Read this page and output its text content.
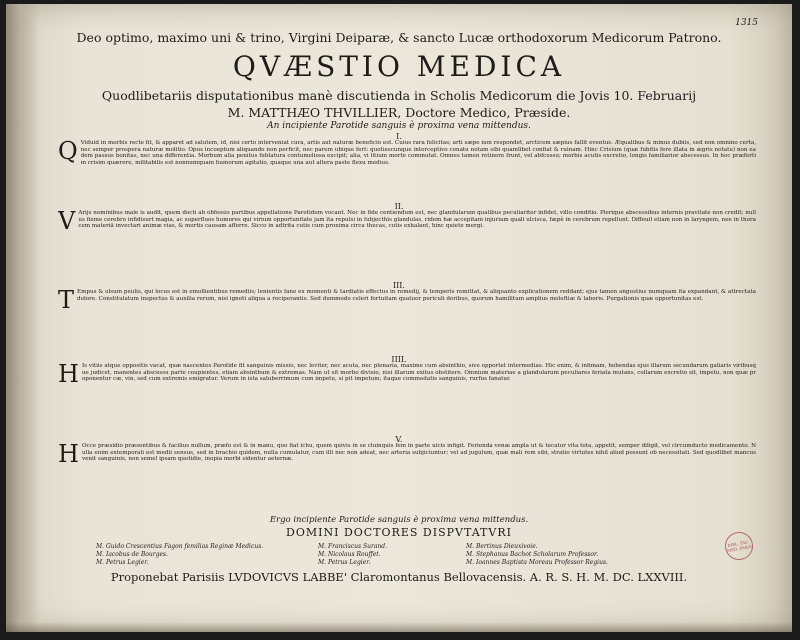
1315
Deo optimo, maximo uni & trino, Virgini Deiparæ, & sancto Lucæ orthodoxorum Medicorum Patrono.
QVÆSTIO MEDICA
Quodlibetariis disputationibus manè discutienda in Scholis Medicorum die Jovis 10. Februarij
M. MATTHÆO THVILLIER, Doctore Medico, Præside.
An incipiente Parotide sanguis è proxima vena mittendus.
I.
Q Viduid in morbis recte fit, & apparet ad salutem, id, nisi certo interveniat cura, artis aut naturæ beneficio est. Cuius rara felicitas; arti sæpe non respondet, arcticem sæpius fallit eventus. Æqualibus & minus dubiis, sed non omnino certa, nec semper prospera naturæ molitio. Opus incoeptum aliquando non perficit, nec parem ubique fert: quotiescunque interceptivo conatu notam sibi quamlibet confiat & ruinam. Hinc Crisium (quæ fubitis fere illata in ægris notatu) non eadem passus bonitas, nec una differentia. Morbum alia penitus fublatura contumeliosa excipit; alia, vi litium morte commutat. Omnes tamen retinere frunt, vel abfcessu; morbis acutis excretio, longis familiarior abscessus. In hoc præfertim crisim quærere, militabilis est nonnumquam humorum agitatio, quaque una aut altera paste flexu medius.

II.
V Arijs nominibus male is audit, quem docti ab obfessis partibus appellatione Parotidem vocant. Nec in fide centiendum est, nec glandularum qualibus peculiariter infidet, villo conditio. Plerique abscessibus internis pravitate non credit; nullus fieme cerebro infidisurt magia, ac superfluos humores qui virium opportunitate jam ita repulsi in fubjecthis glandulas, ridem hæ accepitam injuriam quali ulcisca, fæpè in cerebrum repellunt. Diffeuil etiam non in laryngem, nee in thoracem materiā invectari animæ vias, & mortis causam afferre. Sicco in adtrita cutis cum proxima circa thecas, cutis exhalant, hinc quiete mergi.

III.
T Empus & olsum peulis, qui locus est in emollientibus remediis; lenientis fane ex momenti & tardiatis effectus in remedij, & temperis remittat, & aliquanto explicationem reddant; ejus tamen angustius numquam ita expandant, & attrectata dolore. Constitulatum inspectus & auxilia rerum, nisi ignoti aliqua a reciperantis. Sed dummodo celeri fortuitam quatuor periculi deribus, quorum hamilitum amplius moleftiæ & laboris. Purgationis quæ opportunitas est.

IIII.
H Is vitiis atque oppositis vacat, quæ nascentes Parotide fit sanguinis missio, nec leviter, nec acuta, nec plenaria, maxime cum absinthio, sive opportet intermedias. Hic enim, & infimam, hebendas ejus illarum secundarum galiaris viribusque judicet, manentes abscessu parte coupientes, etiam absinthum & extremas. Nam ut sit morbo divisio, nisi illarum exitus obstitere. Omnium materiae a glandularum peculiares feriata mutans, collarum excretio sit, impetu, non quæ proponentur cæ, vin, sed cum extremis emigratur. Verum in ista saluberrimum cum impetu, si pit impetum; itaque commedatis sanguinis, rurfus fanatur.

V.
H Occe præsidio præsentibus & facilius nullum, præfo est & in manu, quo fiat ichu, quem quivis in se cluinquis fem in parte uicis infigit. Ferienda venæ ampla ut & tecatur vita tota, appetit, semper diligit, vel circumducto medicamento. Nulla enim extemporali est medii sensus, sed in brachio quidem, nulla cumulatur, cum illi nec non adeat, nec arteria subjiciuntur; vel ad jugulum, quæ mali rem sibi, stratio virtutes nihil aliud possunt ob necessitati. Sed quodlibet mancus venit sanguinis, non semel ipsam quotidie, inopia morbi sidentur aeternæ.

Ergo incipiente Parotide sanguis è proxima vena mittendus.
DOMINI DOCTORES DISPVTATVRI
M. Guido Crescentius Fagon femilias Reginæ Medicus.
M. Iacobus de Bourges.
M. Petrus Legier.
M. Franciscus Surand.
M. Nicolaus Rouffet.
M. Petrus Legier.
M. Bertinus Dieuxivoie.
M. Stephanus Bachot Scholarum Professor.
M. Ioannes Baptista Moreau Professor Regius.
BIBL. FAC. MED. PARIS
Proponebat Parisiis LVDOVICVS LABBE' Claromontanus Bellovacensis. A. R. S. H. M. DC. LXXVIII.
